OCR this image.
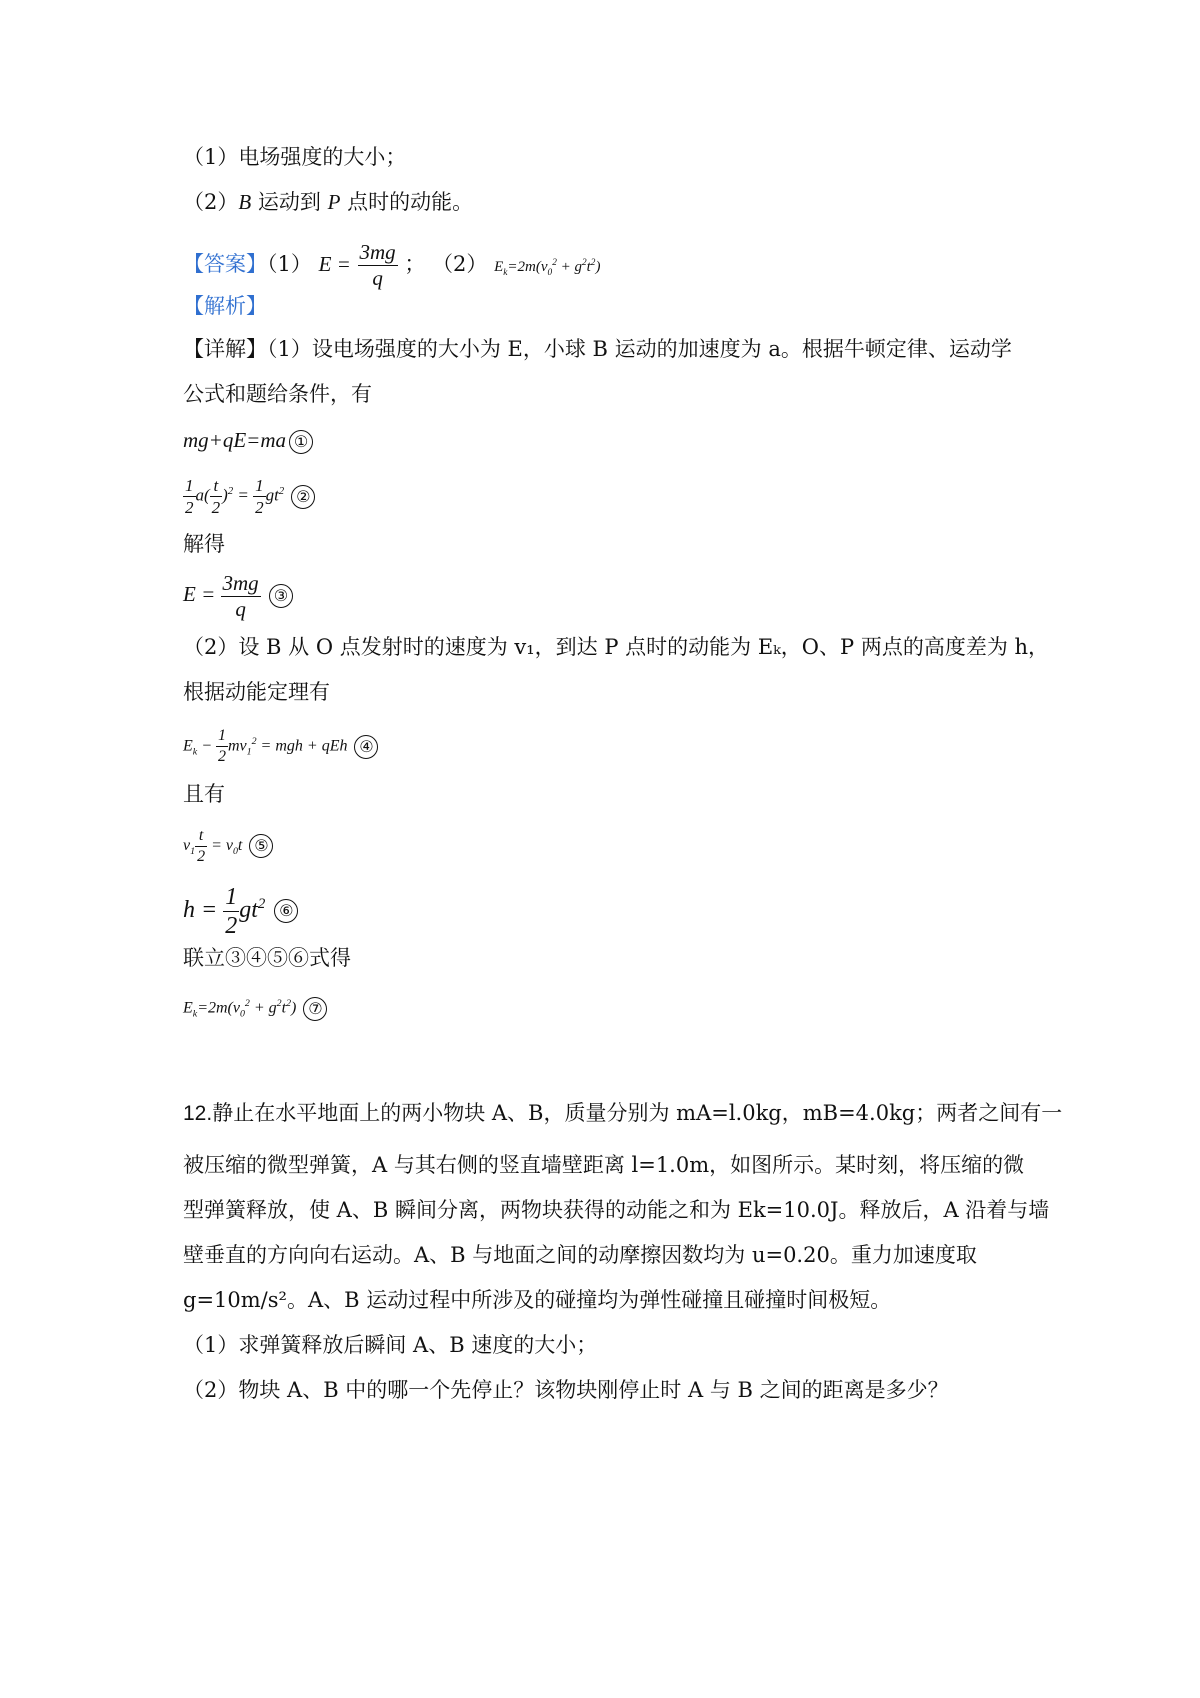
（1）电场强度的大小；
（2）B 运动到 P 点时的动能。
【答案】（1） $E = \frac{3mg}{q}$ ； （2） $E_k=2m(v_0^2 + g^2t^2)$
【解析】
【详解】（1）设电场强度的大小为 E，小球 B 运动的加速度为 a。根据牛顿定律、运动学
公式和题给条件，有
mg+qE=ma ①
$\frac{1}{2} a( \frac{t}{2} )^2 = \frac{1}{2} gt^2$ ②
解得
$E = \frac{3mg}{q}$ ③
（2）设 B 从 O 点发射时的速度为 v₁，到达 P 点时的动能为 Eₖ，O、P 两点的高度差为 h，
根据动能定理有
$E_k - \frac{1}{2} mv_1^2$ = mgh + qEh ④
且有
$v_1 \frac{t}{2} = v_0t$ ⑤
$h = \frac{1}{2} gt^2$ ⑥
联立③④⑤⑥式得
$E_k=2m(v_0^2 + g^2t^2)$ ⑦
12.静止在水平地面上的两小物块 A、B，质量分别为 mA=l.0kg，mB=4.0kg；两者之间有一
被压缩的微型弹簧，A 与其右侧的竖直墙壁距离 l=1.0m，如图所示。某时刻，将压缩的微
型弹簧释放，使 A、B 瞬间分离，两物块获得的动能之和为 Ek=10.0J。释放后，A 沿着与墙
壁垂直的方向向右运动。A、B 与地面之间的动摩擦因数均为 u=0.20。重力加速度取
g=10m/s²。A、B 运动过程中所涉及的碰撞均为弹性碰撞且碰撞时间极短。
（1）求弹簧释放后瞬间 A、B 速度的大小；
（2）物块 A、B 中的哪一个先停止？该物块刚停止时 A 与 B 之间的距离是多少？
